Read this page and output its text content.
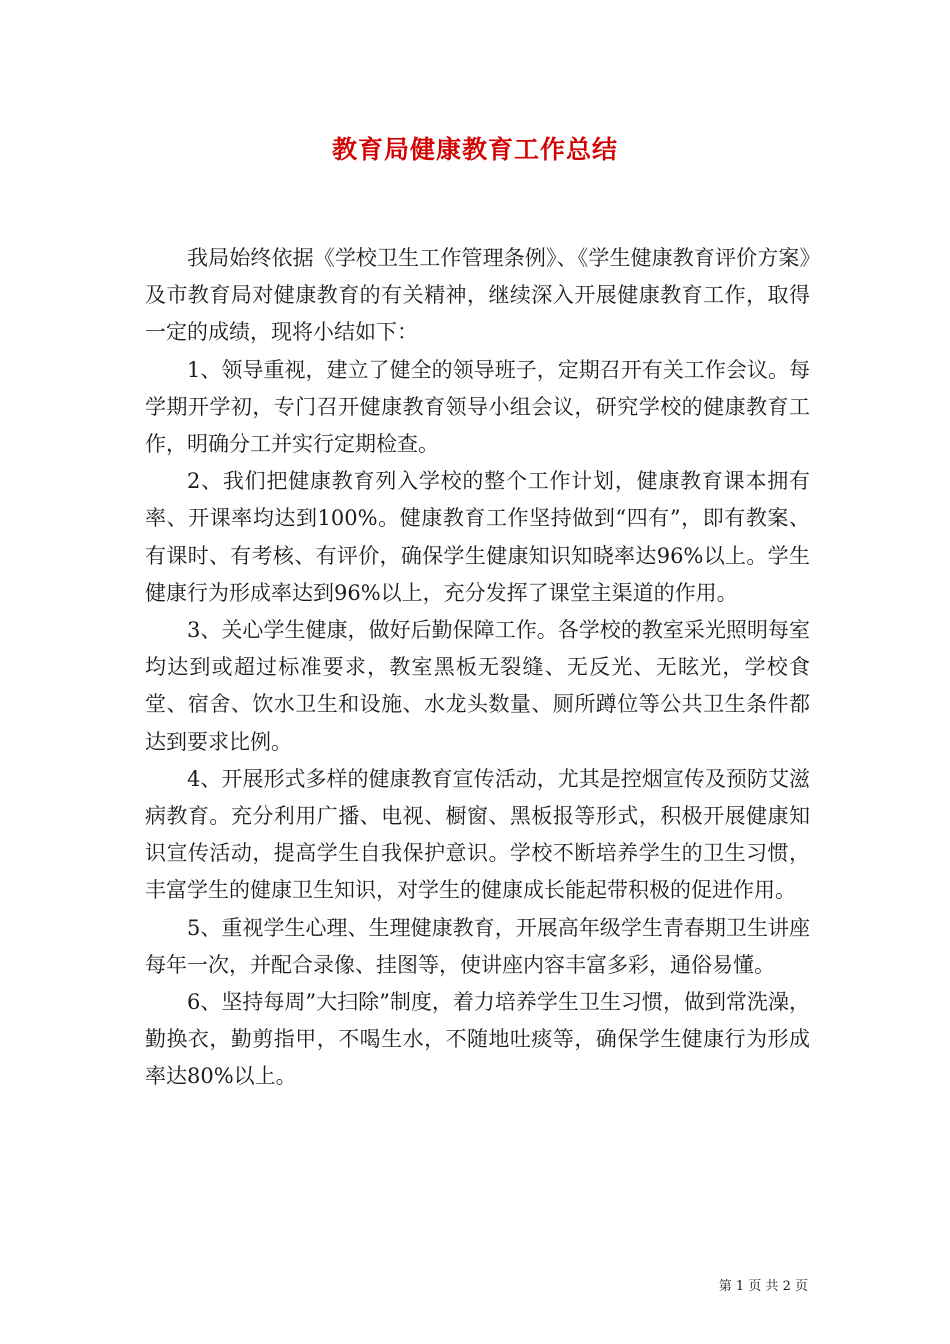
教育局健康教育工作总结

我局始终依据《学校卫生工作管理条例》、《学生健康教育评价方案》及市教育局对健康教育的有关精神，继续深入开展健康教育工作，取得一定的成绩，现将小结如下：

1、领导重视，建立了健全的领导班子，定期召开有关工作会议。每学期开学初，专门召开健康教育领导小组会议，研究学校的健康教育工作，明确分工并实行定期检查。

2、我们把健康教育列入学校的整个工作计划，健康教育课本拥有率、开课率均达到100%。健康教育工作坚持做到“四有”，即有教案、有课时、有考核、有评价，确保学生健康知识知晓率达96%以上。学生健康行为形成率达到96%以上，充分发挥了课堂主渠道的作用。

3、关心学生健康，做好后勤保障工作。各学校的教室采光照明每室均达到或超过标准要求，教室黑板无裂缝、无反光、无眩光，学校食堂、宿舍、饮水卫生和设施、水龙头数量、厕所蹲位等公共卫生条件都达到要求比例。

4、开展形式多样的健康教育宣传活动，尤其是控烟宣传及预防艾滋病教育。充分利用广播、电视、橱窗、黑板报等形式，积极开展健康知识宣传活动，提高学生自我保护意识。学校不断培养学生的卫生习惯，丰富学生的健康卫生知识，对学生的健康成长能起带积极的促进作用。

5、重视学生心理、生理健康教育，开展高年级学生青春期卫生讲座每年一次，并配合录像、挂图等，使讲座内容丰富多彩，通俗易懂。

6、坚持每周”大扫除”制度，着力培养学生卫生习惯，做到常洗澡，勤换衣，勤剪指甲，不喝生水，不随地吐痰等，确保学生健康行为形成率达80%以上。

第 1 页 共 2 页
